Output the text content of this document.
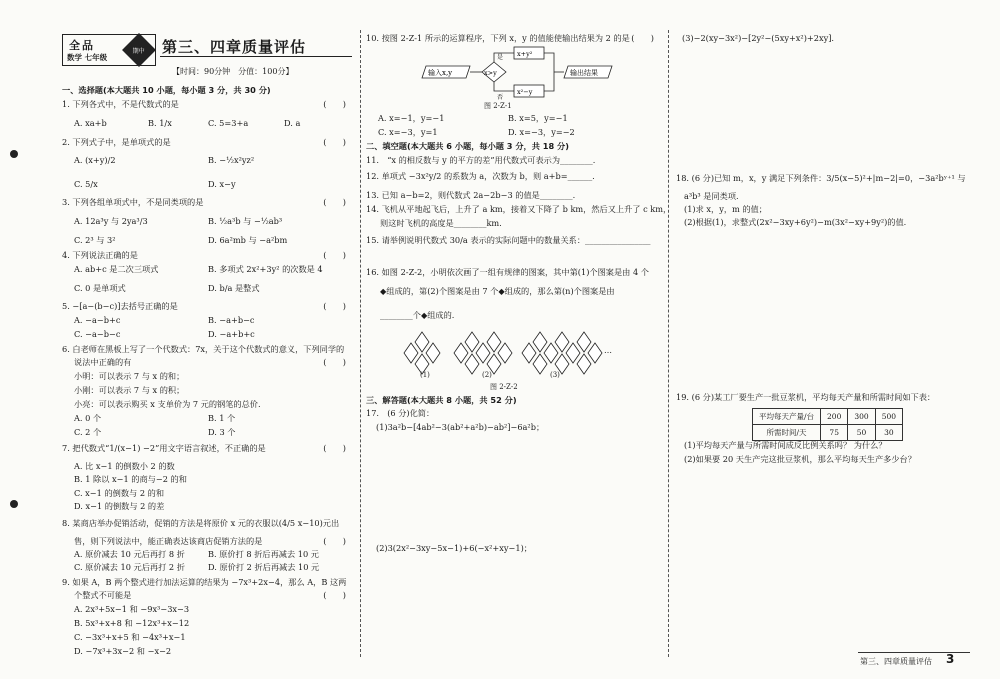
全品
数学 七年级
期中 第三、四章质量评估
【时间：90分钟　分值：100分】
一、选择题(本大题共 10 小题，每小题 3 分，共 30 分)
1. 下列各式中，不是代数式的是	(　　)
A. xa+b	B. 1/x	C. 5=3+a	D. a
2. 下列式子中，是单项式的是	(　　)
A. (x+y)/2	B. −½x²yz²
C. 5/x	D. x−y
3. 下列各组单项式中，不是同类项的是	(　　)
A. 12a³y 与 2ya³/3	B. ½a³b 与 −½ab³
C. 2³ 与 3²	D. 6a²mb 与 −a²bm
4. 下列说法正确的是	(　　)
A. ab+c 是二次三项式	B. 多项式 2x²+3y² 的次数是 4
C. 0 是单项式	D. b/a 是整式
5. −[a−(b−c)]去括号正确的是	(　　)
A. −a−b+c	B. −a+b−c
C. −a−b−c	D. −a+b+c
6. 白老师在黑板上写了一个代数式：7x，关于这个代数式的意义，下列同学的
说法中正确的有	(　　)
小明：可以表示 7 与 x 的和；
小刚：可以表示 7 与 x 的积；
小亮：可以表示购买 x 支单价为 7 元的钢笔的总价.
A. 0 个	B. 1 个
C. 2 个	D. 3 个
7. 把代数式“1/(x−1) −2”用文字语言叙述，不正确的是	(　　)
A. 比 x−1 的倒数小 2 的数
B. 1 除以 x−1 的商与−2 的和
C. x−1 的倒数与 2 的和
D. x−1 的倒数与 2 的差
8. 某商店举办促销活动，促销的方法是将原价 x 元的衣服以(4/5 x−10)元出
售，则下列说法中，能正确表达该商店促销方法的是	(　　)
A. 原价减去 10 元后再打 8 折	B. 原价打 8 折后再减去 10 元
C. 原价减去 10 元后再打 2 折	D. 原价打 2 折后再减去 10 元
9. 如果 A，B 两个整式进行加法运算的结果为 −7x³+2x−4，那么 A，B 这两
个整式不可能是	(　　)
A. 2x³+5x−1 和 −9x³−3x−3
B. 5x³+x+8 和 −12x³+x−12
C. −3x³+x+5 和 −4x³+x−1
D. −7x³+3x−2 和 −x−2
10. 按图 2-Z-1 所示的运算程序，下列 x，y 的值能使输出结果为 2 的是 (　　)
输入x,y	x>y
是
否
x+y²
x²−y
输出结果
图 2-Z-1
A. x=−1，y=−1	B. x=5，y=−1
C. x=−3，y=1	D. x=−3，y=−2
二、填空题(本大题共 6 小题，每小题 3 分，共 18 分)
11.　“x 的相反数与 y 的平方的差”用代数式可表示为________.
12. 单项式 −3x²y/2 的系数为 a，次数为 b，则 a+b=______.
13. 已知 a−b=2，则代数式 2a−2b−3 的值是________.
14. 飞机从平地起飞后，上升了 a km，接着又下降了 b km，然后又上升了 c km，
则这时飞机的高度是________km.
15. 请举例说明代数式 30/a 表示的实际问题中的数量关系：________________
16. 如图 2-Z-2，小明依次画了一组有规律的图案，其中第(1)个图案是由 4 个
◆组成的，第(2)个图案是由 7 个◆组成的，那么第(n)个图案是由
________个◆组成的.
(1)	(2)	(3)
…
图 2-Z-2
三、解答题(本大题共 8 小题，共 52 分)
17.　(6 分)化简：
(1)3a²b−[4ab²−3(ab²+a²b)−ab²]−6a²b；
(2)3(2x²−3xy−5x−1)+6(−x²+xy−1)；
(3)−2(xy−3x²)−[2y²−(5xy+x²)+2xy].
18. (6 分)已知 m，x，y 满足下列条件：3/5(x−5)²+|m−2|=0，−3a²bʸ⁺¹ 与
a³b³ 是同类项.
(1)求 x，y，m 的值；
(2)根据(1)，求整式(2x²−3xy+6y²)−m(3x²−xy+9y²)的值.
19. (6 分)某工厂要生产一批豆浆机，平均每天产量和所需时间如下表：
(1)平均每天产量与所需时间成反比例关系吗？ 为什么？
(2)如果要 20 天生产完这批豆浆机，那么平均每天生产多少台？
平均每天产量/台	200	300	500
所需时间/天	75	50	30
第三、四章质量评估 3
